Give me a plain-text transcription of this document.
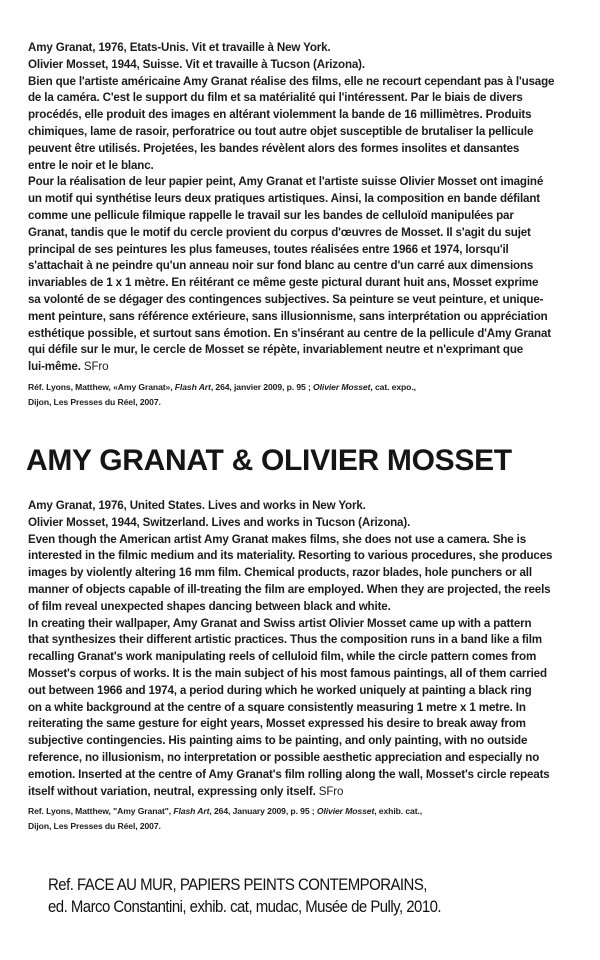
Amy Granat, 1976, Etats-Unis. Vit et travaille à New York.
Olivier Mosset, 1944, Suisse. Vit et travaille à Tucson (Arizona).
Bien que l'artiste américaine Amy Granat réalise des films, elle ne recourt cependant pas à l'usage
de la caméra. C'est le support du film et sa matérialité qui l'intéressent. Par le biais de divers
procédés, elle produit des images en altérant violemment la bande de 16 millimètres. Produits
chimiques, lame de rasoir, perforatrice ou tout autre objet susceptible de brutaliser la pellicule
peuvent être utilisés. Projetées, les bandes révèlent alors des formes insolites et dansantes
entre le noir et le blanc.
Pour la réalisation de leur papier peint, Amy Granat et l'artiste suisse Olivier Mosset ont imaginé
un motif qui synthétise leurs deux pratiques artistiques. Ainsi, la composition en bande défilant
comme une pellicule filmique rappelle le travail sur les bandes de celluloïd manipulées par
Granat, tandis que le motif du cercle provient du corpus d'œuvres de Mosset. Il s'agit du sujet
principal de ses peintures les plus fameuses, toutes réalisées entre 1966 et 1974, lorsqu'il
s'attachait à ne peindre qu'un anneau noir sur fond blanc au centre d'un carré aux dimensions
invariables de 1 x 1 mètre. En réitérant ce même geste pictural durant huit ans, Mosset exprime
sa volonté de se dégager des contingences subjectives. Sa peinture se veut peinture, et unique-
ment peinture, sans référence extérieure, sans illusionnisme, sans interprétation ou appréciation
esthétique possible, et surtout sans émotion. En s'insérant au centre de la pellicule d'Amy Granat
qui défile sur le mur, le cercle de Mosset se répète, invariablement neutre et n'exprimant que
lui-même. SFro
Réf. Lyons, Matthew, «Amy Granat», Flash Art, 264, janvier 2009, p. 95 ; Olivier Mosset, cat. expo.,
Dijon, Les Presses du Réel, 2007.
AMY GRANAT & OLIVIER MOSSET
Amy Granat, 1976, United States. Lives and works in New York.
Olivier Mosset, 1944, Switzerland. Lives and works in Tucson (Arizona).
Even though the American artist Amy Granat makes films, she does not use a camera. She is
interested in the filmic medium and its materiality. Resorting to various procedures, she produces
images by violently altering 16 mm film. Chemical products, razor blades, hole punchers or all
manner of objects capable of ill-treating the film are employed. When they are projected, the reels
of film reveal unexpected shapes dancing between black and white.
In creating their wallpaper, Amy Granat and Swiss artist Olivier Mosset came up with a pattern
that synthesizes their different artistic practices. Thus the composition runs in a band like a film
recalling Granat's work manipulating reels of celluloid film, while the circle pattern comes from
Mosset's corpus of works. It is the main subject of his most famous paintings, all of them carried
out between 1966 and 1974, a period during which he worked uniquely at painting a black ring
on a white background at the centre of a square consistently measuring 1 metre x 1 metre. In
reiterating the same gesture for eight years, Mosset expressed his desire to break away from
subjective contingencies. His painting aims to be painting, and only painting, with no outside
reference, no illusionism, no interpretation or possible aesthetic appreciation and especially no
emotion. Inserted at the centre of Amy Granat's film rolling along the wall, Mosset's circle repeats
itself without variation, neutral, expressing only itself. SFro
Ref. Lyons, Matthew, "Amy Granat", Flash Art, 264, January 2009, p. 95 ; Olivier Mosset, exhib. cat.,
Dijon, Les Presses du Réel, 2007.
Ref. FACE AU MUR, PAPIERS PEINTS CONTEMPORAINS,
ed. Marco Constantini, exhib. cat, mudac, Musée de Pully, 2010.
